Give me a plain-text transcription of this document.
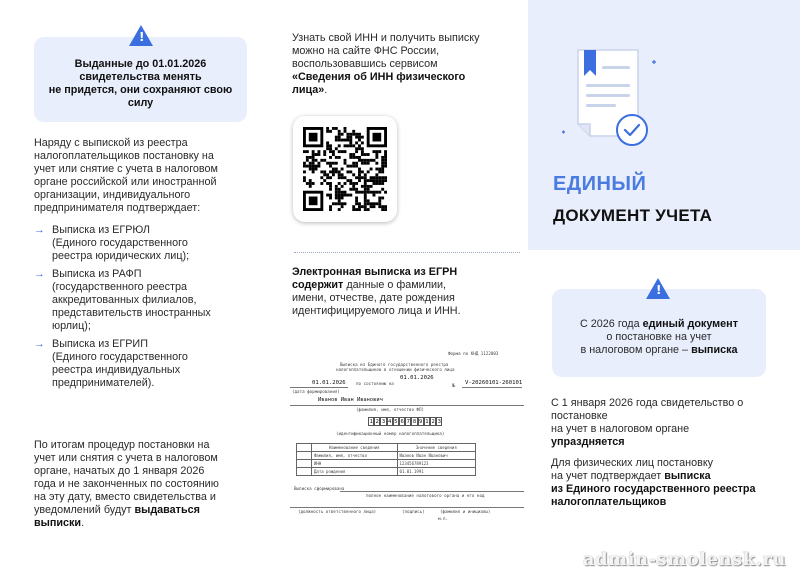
!
Выданные до 01.01.2026
свидетельства менять
не придется, они сохраняют свою
силу
Наряду с выпиской из реестра
налогоплательщиков постановку на
учет или снятие с учета в налоговом
органе российской или иностранной
организации, индивидуального
предпринимателя подтверждает:
→ Выписка из ЕГРЮЛ
(Единого государственного
реестра юридических лиц);
→ Выписка из РАФП
(государственного реестра
аккредитованных филиалов,
представительств иностранных
юрлиц);
→ Выписка из ЕГРИП
(Единого государственного
реестра индивидуальных
предпринимателей).
По итогам процедур постановки на
учет или снятия с учета в налоговом
органе, начатых до 1 января 2026
года и не законченных по состоянию
на эту дату, вместо свидетельства и
уведомлений будут выдаваться
выписки.
Узнать свой ИНН и получить выписку
можно на сайте ФНС России,
воспользовавшись сервисом
«Сведения об ИНН физического
лица».
Электронная выписка из ЕГРН
содержит данные о фамилии,
имени, отчестве, дате рождения
идентифицируемого лица и ИНН.
Форма по КНД 1122003
Выписка из Единого государственного реестра
налогоплательщиков в отношении физического лица
01.01.2026 по состоянию на
01.01.2026
№ V-20260101-260101
(дата формирования)
Иванов Иван Иванович
(фамилия, имя, отчество ФЛ)
1 2 3 4 5 6 7 8 9 1 2 3
(идентификационный номер налогоплательщика)
	Наименование сведения	Значение сведения
	Фамилия, имя, отчество	Иванов Иван Иванович
	ИНН	123456789123
	Дата рождения	01.01.1991
Выписка сформирована
полное наименование налогового органа и его код
(должность ответственного лица)	(подпись)	(фамилия и инициалы)
м.п.
ЕДИНЫЙ
ДОКУМЕНТ УЧЕТА
!
С 2026 года единый документ
о постановке на учет
в налоговом органе – выписка
С 1 января 2026 года свидетельство о
постановке
на учет в налоговом органе
упраздняется
Для физических лиц постановку
на учет подтверждает выписка
из Единого государственного реестра
налогоплательщиков
admin-smolensk.ru
